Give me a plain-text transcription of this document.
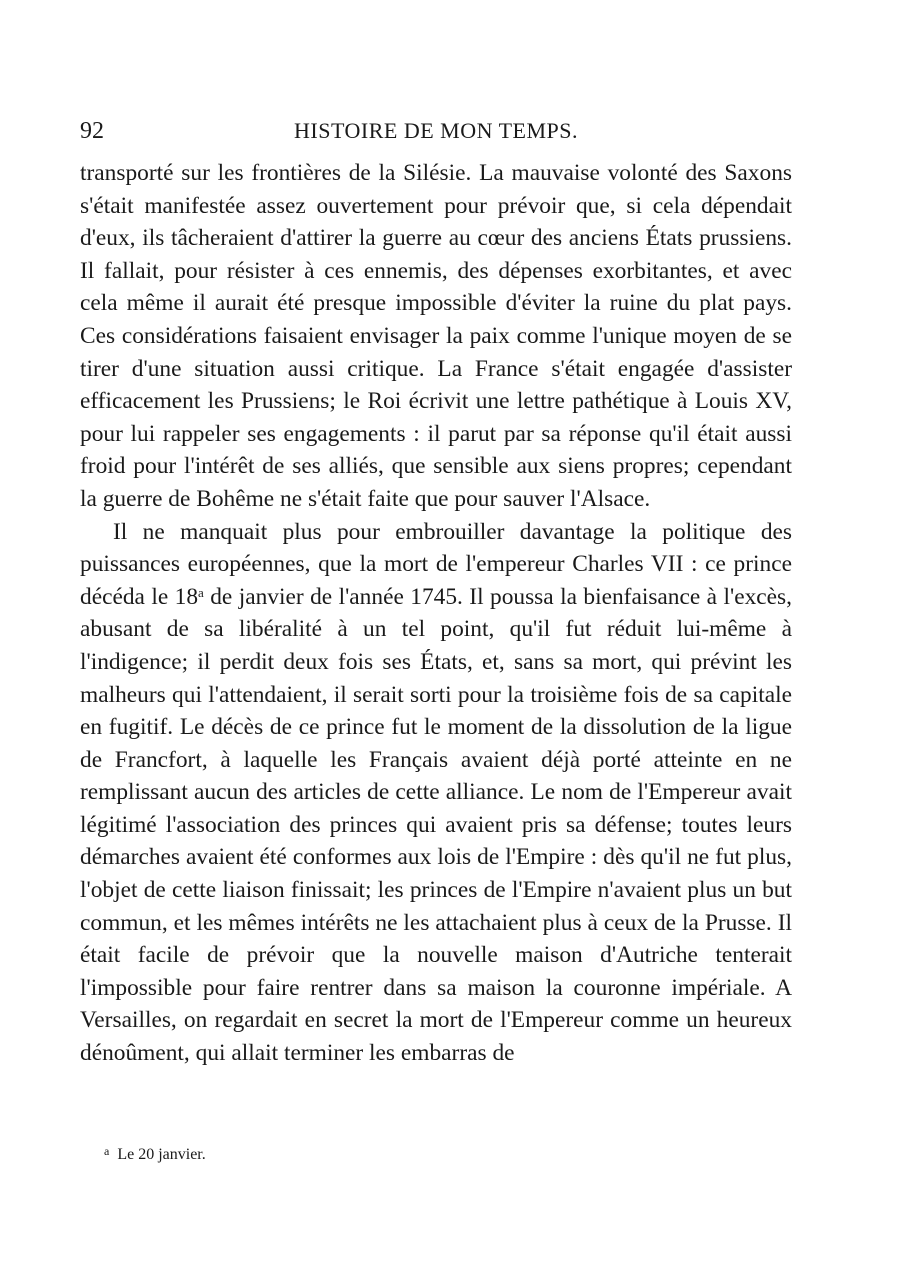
92	HISTOIRE DE MON TEMPS.

transporté sur les frontières de la Silésie. La mauvaise volonté des Saxons s'était manifestée assez ouvertement pour prévoir que, si cela dépendait d'eux, ils tâcheraient d'attirer la guerre au cœur des anciens États prussiens. Il fallait, pour résister à ces ennemis, des dépenses exorbitantes, et avec cela même il aurait été presque impossible d'éviter la ruine du plat pays. Ces considérations faisaient envisager la paix comme l'unique moyen de se tirer d'une situation aussi critique. La France s'était engagée d'assister efficacement les Prussiens; le Roi écrivit une lettre pathétique à Louis XV, pour lui rappeler ses engagements : il parut par sa réponse qu'il était aussi froid pour l'intérêt de ses alliés, que sensible aux siens propres; cependant la guerre de Bohême ne s'était faite que pour sauver l'Alsace.

Il ne manquait plus pour embrouiller davantage la politique des puissances européennes, que la mort de l'empereur Charles VII : ce prince décéda le 18$^a$ de janvier de l'année 1745. Il poussa la bienfaisance à l'excès, abusant de sa libéralité à un tel point, qu'il fut réduit lui-même à l'indigence; il perdit deux fois ses États, et, sans sa mort, qui prévint les malheurs qui l'attendaient, il serait sorti pour la troisième fois de sa capitale en fugitif. Le décès de ce prince fut le moment de la dissolution de la ligue de Francfort, à laquelle les Français avaient déjà porté atteinte en ne remplissant aucun des articles de cette alliance. Le nom de l'Empereur avait légitimé l'association des princes qui avaient pris sa défense; toutes leurs démarches avaient été conformes aux lois de l'Empire : dès qu'il ne fut plus, l'objet de cette liaison finissait; les princes de l'Empire n'avaient plus un but commun, et les mêmes intérêts ne les attachaient plus à ceux de la Prusse. Il était facile de prévoir que la nouvelle maison d'Autriche tenterait l'impossible pour faire rentrer dans sa maison la couronne impériale. A Versailles, on regardait en secret la mort de l'Empereur comme un heureux dénoûment, qui allait terminer les embarras de

$^a$ Le 20 janvier.
